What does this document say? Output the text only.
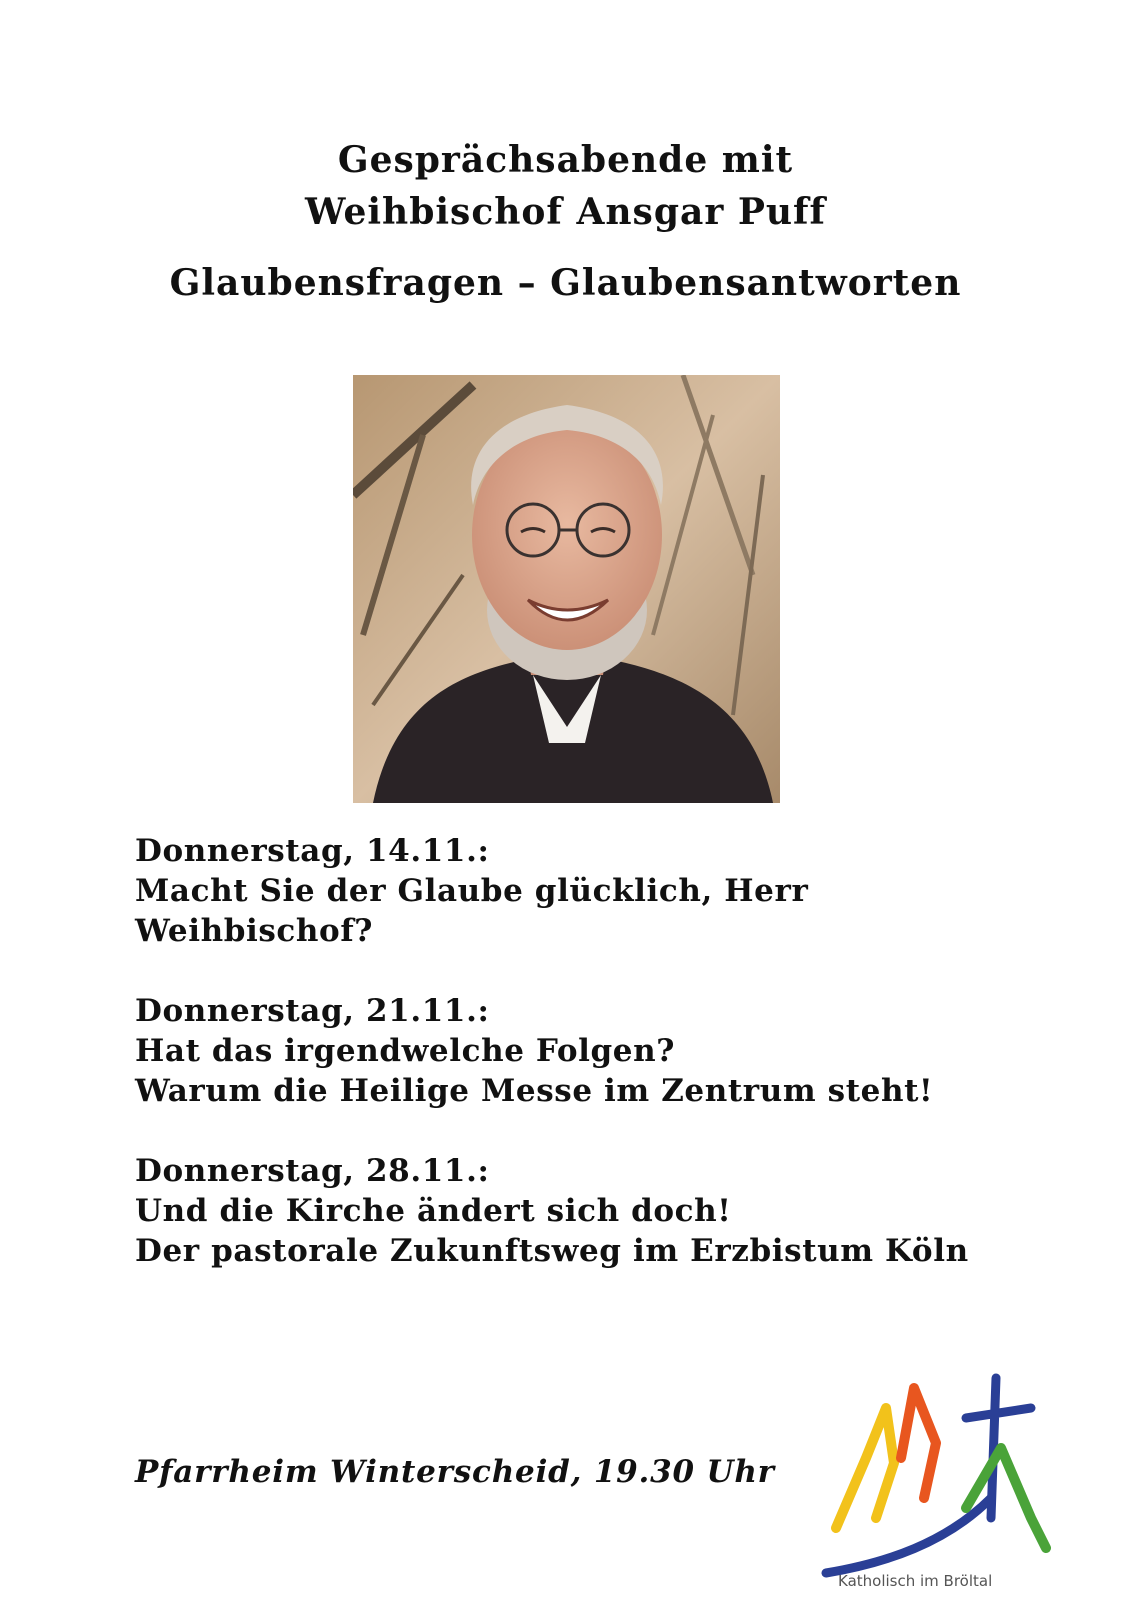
Gesprächsabende mit
Weihbischof Ansgar Puff
Glaubensfragen – Glaubensantworten

Donnerstag, 14.11.:

Macht Sie der Glaube glücklich, Herr

Weihbischof?

Donnerstag, 21.11.:

Hat das irgendwelche Folgen?

Warum die Heilige Messe im Zentrum steht!

Donnerstag, 28.11.:

Und die Kirche ändert sich doch!

Der pastorale Zukunftsweg im Erzbistum Köln

Pfarrheim Winterscheid, 19.30 Uhr

Katholisch im Bröltal
